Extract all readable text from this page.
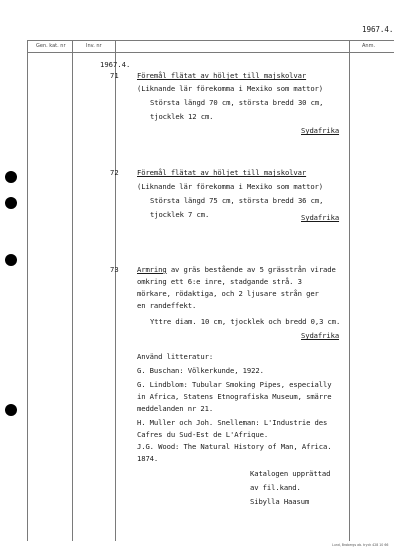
1967.4.
Gen. kat. nr	Inv. nr	Anm.
1967.4.
71	Föremål flätat av höljet till majskolvar
(Liknande lär förekomma i Mexiko som mattor)
Största längd 70 cm, största bredd 30 cm,
tjocklek 12 cm.
Sydafrika
72	Föremål flätat av höljet till majskolvar
(Liknande lär förekomma i Mexiko som mattor)
Största längd 75 cm, största bredd 36 cm,
tjocklek 7 cm.	Sydafrika
73	Armring av gräs bestående av 5 grässtrån virade
omkring ett 6:e inre, stadgande strå. 3
mörkare, rödaktiga, och 2 ljusare strån ger
en randeffekt.
Yttre diam. 10 cm, tjocklek och bredd 0,3 cm.
Sydafrika
Använd litteratur:
G. Buschan: Völkerkunde, 1922.
G. Lindblom: Tubular Smoking Pipes, especially
in Africa, Statens Etnografiska Museum, smärre
meddelanden nr 21.
H. Muller och Joh. Snelleman: L'Industrie des
Cafres du Sud-Est de L'Afrique.
J.G. Wood: The Natural History of Man, Africa.
1874.
Katalogen upprättad
av fil.kand.
Sibylla Haasum
Lund, Brobergs ab. tryck 428 10 66
